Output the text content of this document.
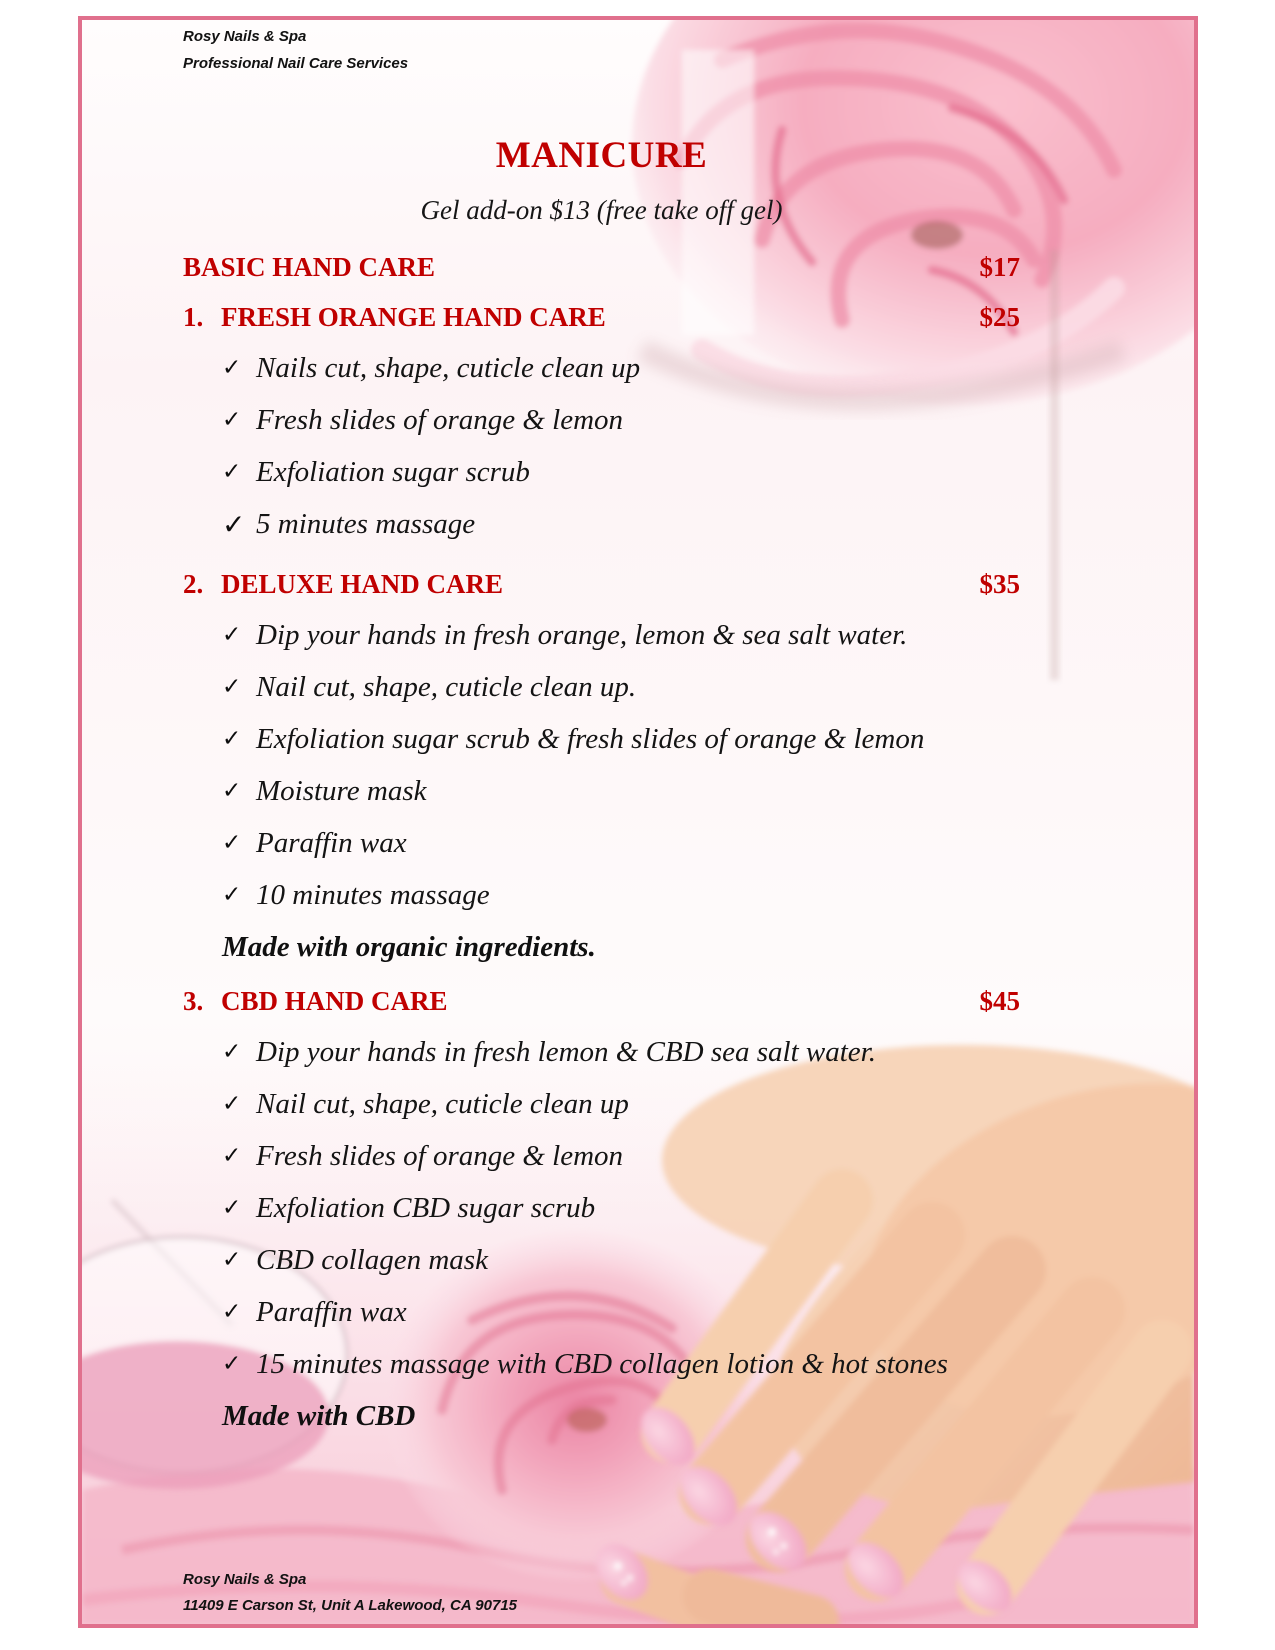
Rosy Nails & Spa
Professional Nail Care Services
MANICURE
Gel add-on $13 (free take off gel)
BASIC HAND CARE	$17
1. FRESH ORANGE HAND CARE	$25
✓ Nails cut, shape, cuticle clean up
✓ Fresh slides of orange & lemon
✓ Exfoliation sugar scrub
✓ 5 minutes massage
2. DELUXE HAND CARE	$35
✓ Dip your hands in fresh orange, lemon & sea salt water.
✓ Nail cut, shape, cuticle clean up.
✓ Exfoliation sugar scrub & fresh slides of orange & lemon
✓ Moisture mask
✓ Paraffin wax
✓ 10 minutes massage
Made with organic ingredients.
3. CBD HAND CARE	$45
✓ Dip your hands in fresh lemon & CBD sea salt water.
✓ Nail cut, shape, cuticle clean up
✓ Fresh slides of orange & lemon
✓ Exfoliation CBD sugar scrub
✓ CBD collagen mask
✓ Paraffin wax
✓ 15 minutes massage with CBD collagen lotion & hot stones
Made with CBD
Rosy Nails & Spa
11409 E Carson St, Unit A Lakewood, CA 90715
